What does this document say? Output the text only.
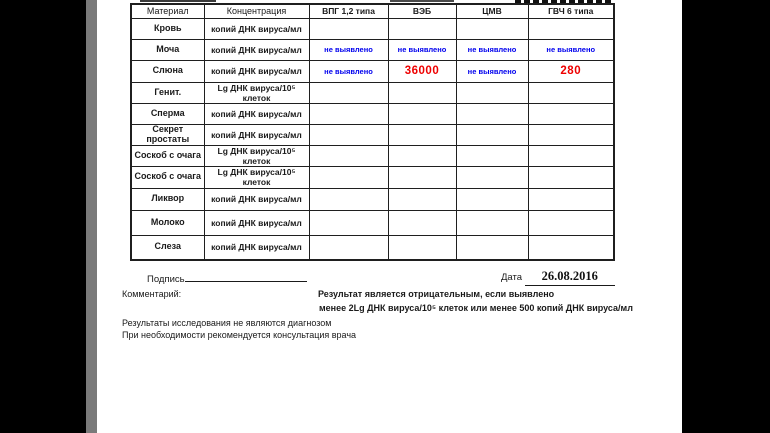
Материал	Концентрация	ВПГ 1,2 типа	ВЭБ	ЦМВ	ГВЧ 6 типа
Кровь	копий ДНК вируса/мл				
Моча	копий ДНК вируса/мл	не выявлено	не выявлено	не выявлено	не выявлено
Слюна	копий ДНК вируса/мл	не выявлено	36000	не выявлено	280
Генит.	Lg ДНК вируса/10⁵ клеток				
Сперма	копий ДНК вируса/мл				
Секрет простаты	копий ДНК вируса/мл				
Соскоб с очага	Lg ДНК вируса/10⁵ клеток				
Соскоб с очага	Lg ДНК вируса/10⁵ клеток				
Ликвор	копий ДНК вируса/мл				
Молоко	копий ДНК вируса/мл				
Слеза	копий ДНК вируса/мл				
Подпись	Дата 26.08.2016
Комментарий:	Результат является отрицательным, если выявлено
менее 2Lg ДНК вируса/10⁵ клеток или менее 500 копий ДНК вируса/мл
Результаты исследования не являются диагнозом
При необходимости рекомендуется консультация врача
